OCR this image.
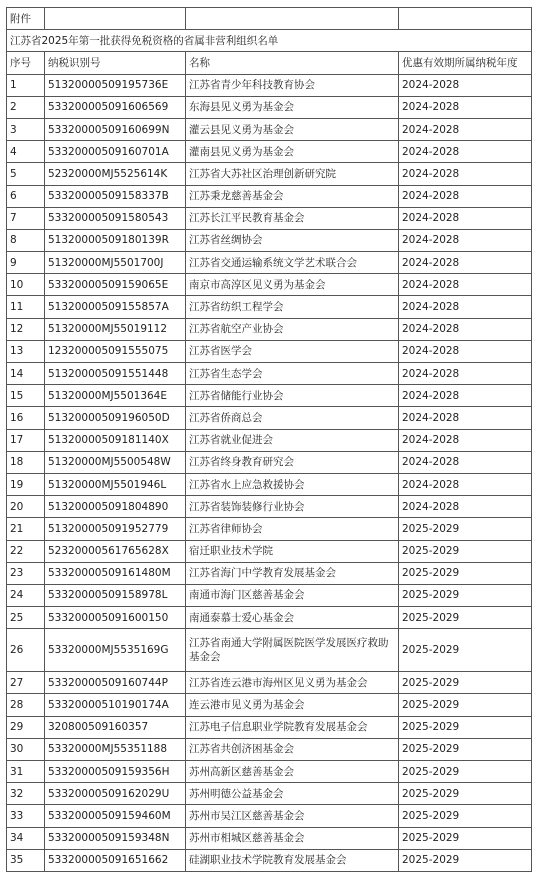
附件			
江苏省2025年第一批获得免税资格的省属非营利组织名单			
序号	纳税识别号	名称	优惠有效期所属纳税年度
1	51320000509195736E	江苏省青少年科技教育协会	2024-2028
2	533200005091606569	东海县见义勇为基金会	2024-2028
3	53320000509160699N	灌云县见义勇为基金会	2024-2028
4	53320000509160701A	灌南县见义勇为基金会	2024-2028
5	52320000MJ5525614K	江苏省大苏社区治理创新研究院	2024-2028
6	53320000509158337B	江苏秉龙慈善基金会	2024-2028
7	533200005091580543	江苏长江平民教育基金会	2024-2028
8	51320000509180139R	江苏省丝绸协会	2024-2028
9	51320000MJ5501700J	江苏省交通运输系统文学艺术联合会	2024-2028
10	53320000509159065E	南京市高淳区见义勇为基金会	2024-2028
11	51320000509155857A	江苏省纺织工程学会	2024-2028
12	51320000MJ55019112	江苏省航空产业协会	2024-2028
13	123200005091555075	江苏省医学会	2024-2028
14	513200005091551448	江苏省生态学会	2024-2028
15	51320000MJ5501364E	江苏省储能行业协会	2024-2028
16	51320000509196050D	江苏省侨商总会	2024-2028
17	51320000509181140X	江苏省就业促进会	2024-2028
18	51320000MJ5500548W	江苏省终身教育研究会	2024-2028
19	51320000MJ5501946L	江苏省水上应急救援协会	2024-2028
20	513200005091804890	江苏省装饰装修行业协会	2024-2028
21	513200005091952779	江苏省律师协会	2025-2029
22	52320000561765628X	宿迁职业技术学院	2025-2029
23	53320000509161480M	江苏省海门中学教育发展基金会	2025-2029
24	53320000509158978L	南通市海门区慈善基金会	2025-2029
25	533200005091600150	南通泰慕士爱心基金会	2025-2029
26	53320000MJ5535169G	江苏省南通大学附属医院医学发展医疗救助基金会	2025-2029
27	53320000509160744P	江苏省连云港市海州区见义勇为基金会	2025-2029
28	53320000510190174A	连云港市见义勇为基金会	2025-2029
29	320800509160357	江苏电子信息职业学院教育发展基金会	2025-2029
30	53320000MJ55351188	江苏省共创济困基金会	2025-2029
31	53320000509159356H	苏州高新区慈善基金会	2025-2029
32	53320000509162029U	苏州明德公益基金会	2025-2029
33	53320000509159460M	苏州市吴江区慈善基金会	2025-2029
34	53320000509159348N	苏州市相城区慈善基金会	2025-2029
35	533200005091651662	硅湖职业技术学院教育发展基金会	2025-2029
